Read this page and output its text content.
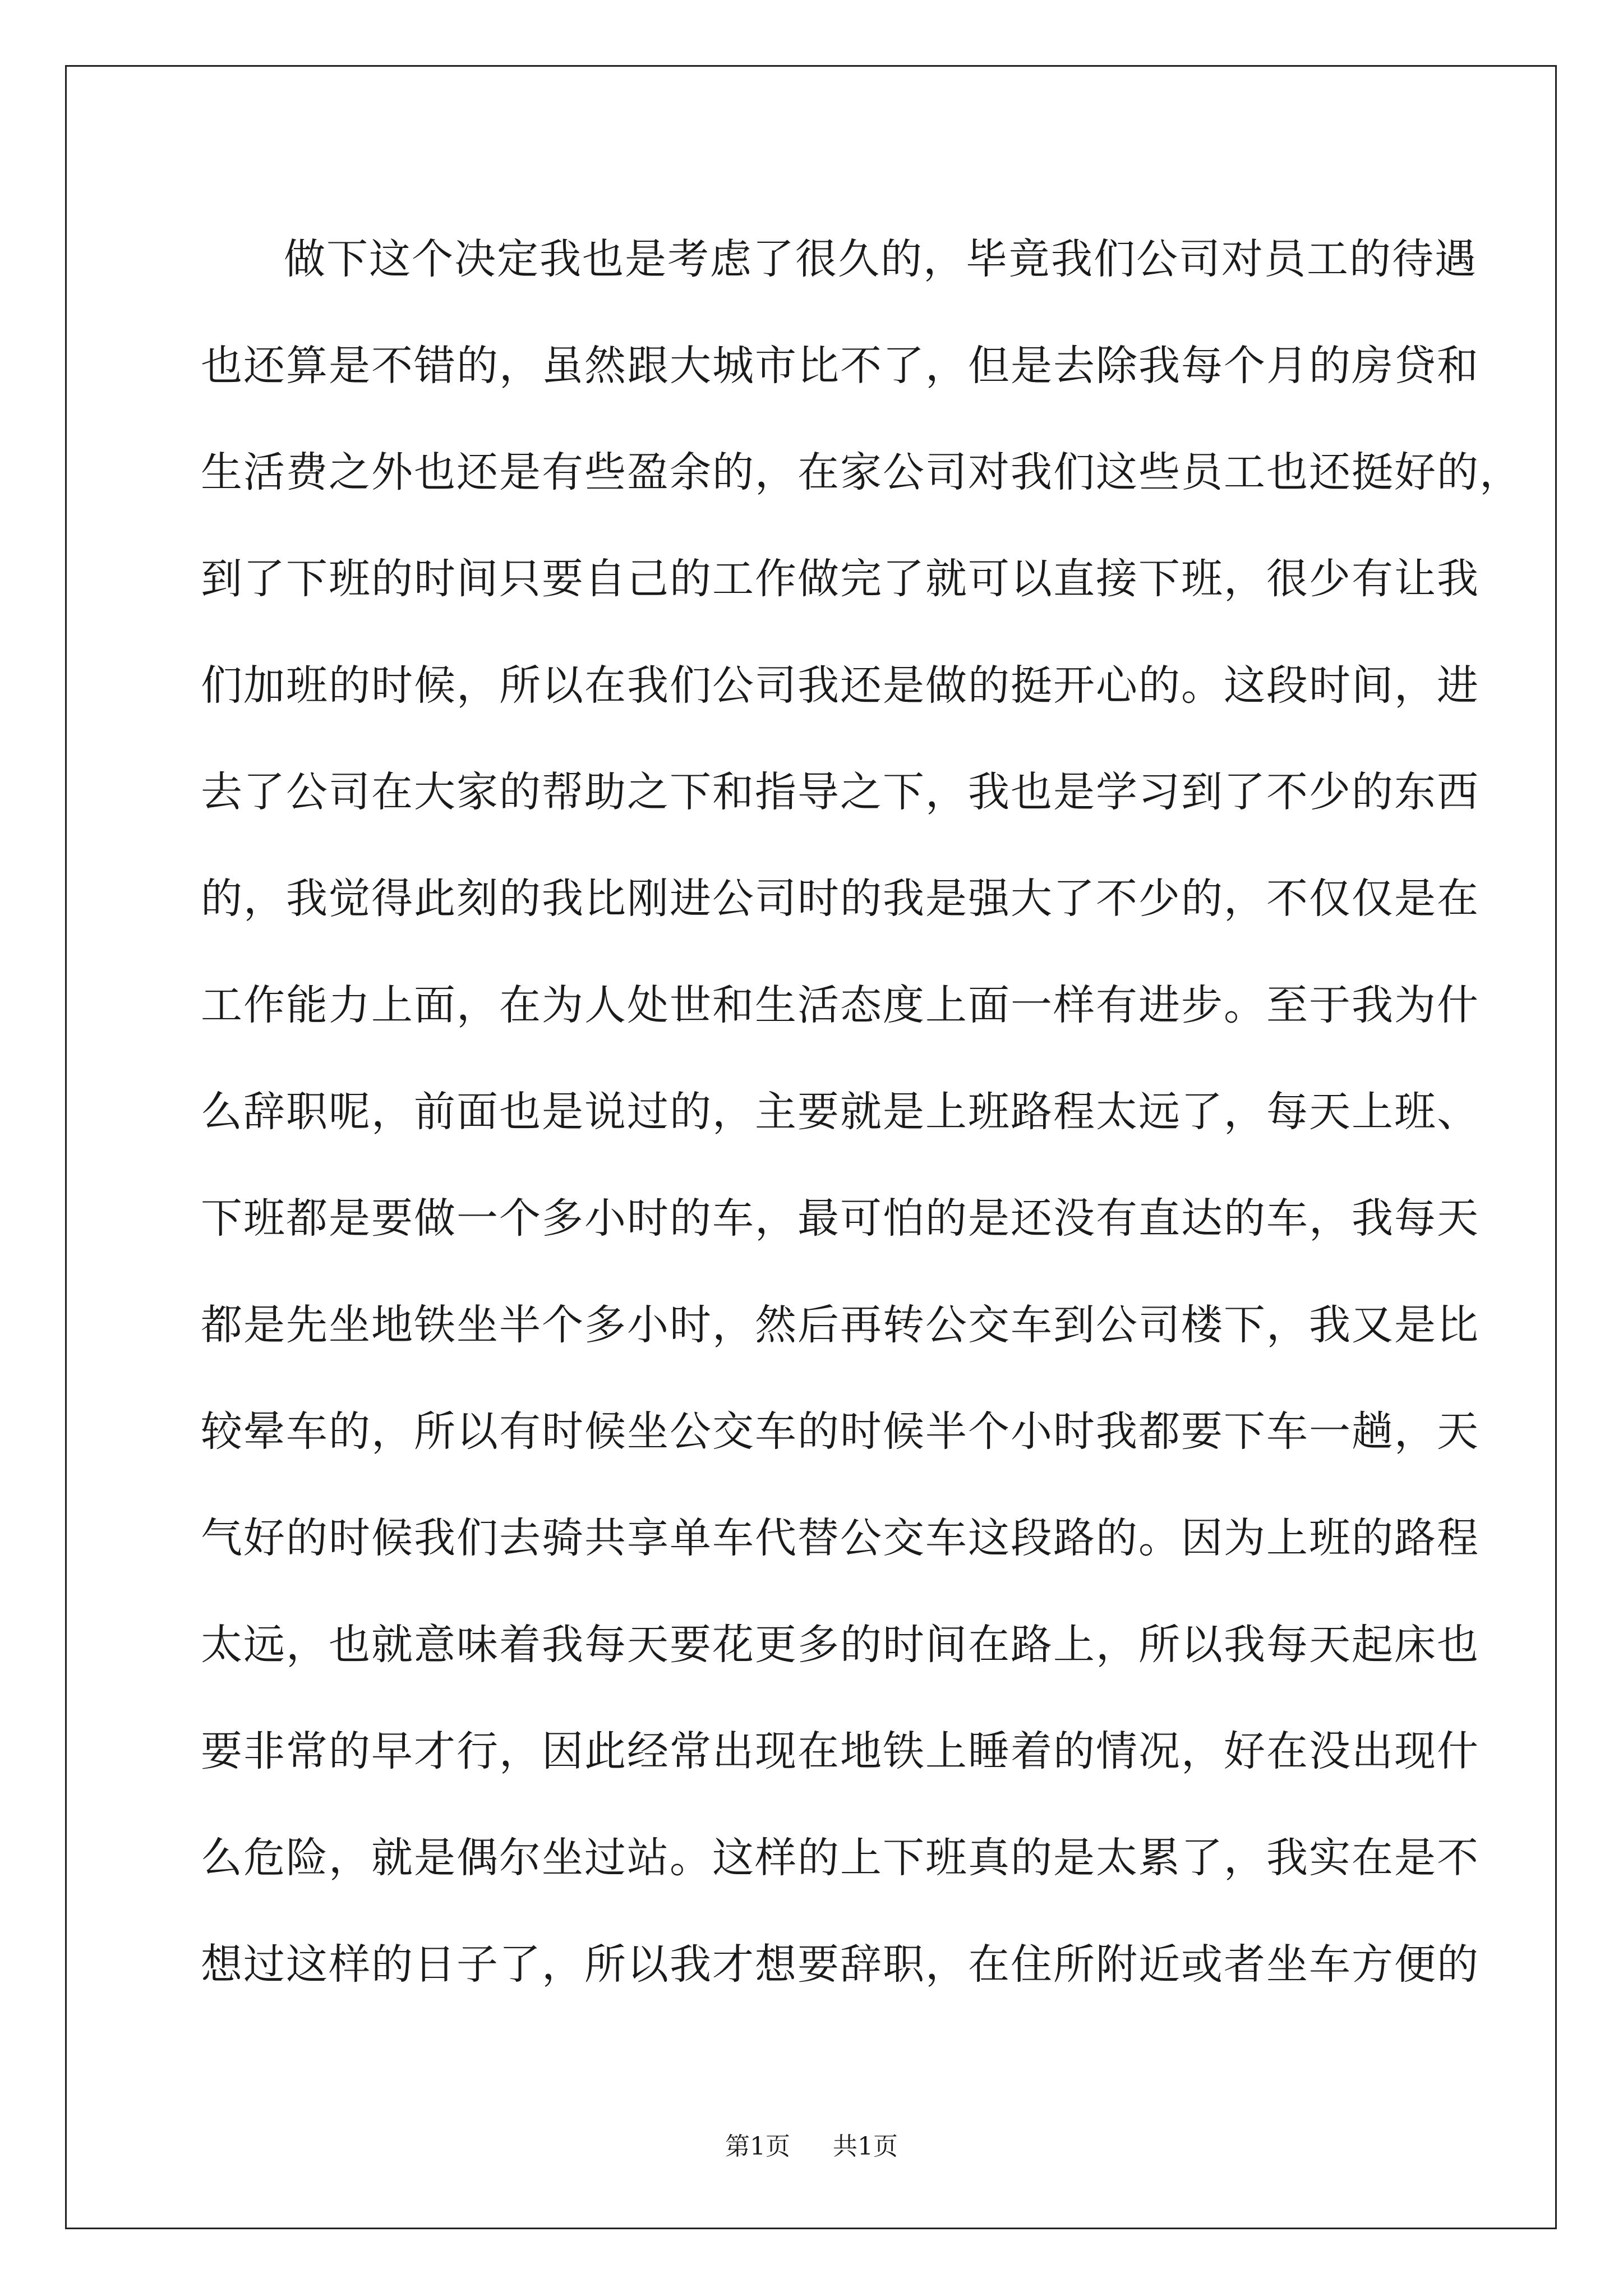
做下这个决定我也是考虑了很久的，毕竟我们公司对员工的待遇
也还算是不错的，虽然跟大城市比不了，但是去除我每个月的房贷和
生活费之外也还是有些盈余的，在家公司对我们这些员工也还挺好的，
到了下班的时间只要自己的工作做完了就可以直接下班，很少有让我
们加班的时候，所以在我们公司我还是做的挺开心的。这段时间，进
去了公司在大家的帮助之下和指导之下，我也是学习到了不少的东西
的，我觉得此刻的我比刚进公司时的我是强大了不少的，不仅仅是在
工作能力上面，在为人处世和生活态度上面一样有进步。至于我为什
么辞职呢，前面也是说过的，主要就是上班路程太远了，每天上班、
下班都是要做一个多小时的车，最可怕的是还没有直达的车，我每天
都是先坐地铁坐半个多小时，然后再转公交车到公司楼下，我又是比
较晕车的，所以有时候坐公交车的时候半个小时我都要下车一趟，天
气好的时候我们去骑共享单车代替公交车这段路的。因为上班的路程
太远，也就意味着我每天要花更多的时间在路上，所以我每天起床也
要非常的早才行，因此经常出现在地铁上睡着的情况，好在没出现什
么危险，就是偶尔坐过站。这样的上下班真的是太累了，我实在是不
想过这样的日子了，所以我才想要辞职，在住所附近或者坐车方便的
第1页 共1页
